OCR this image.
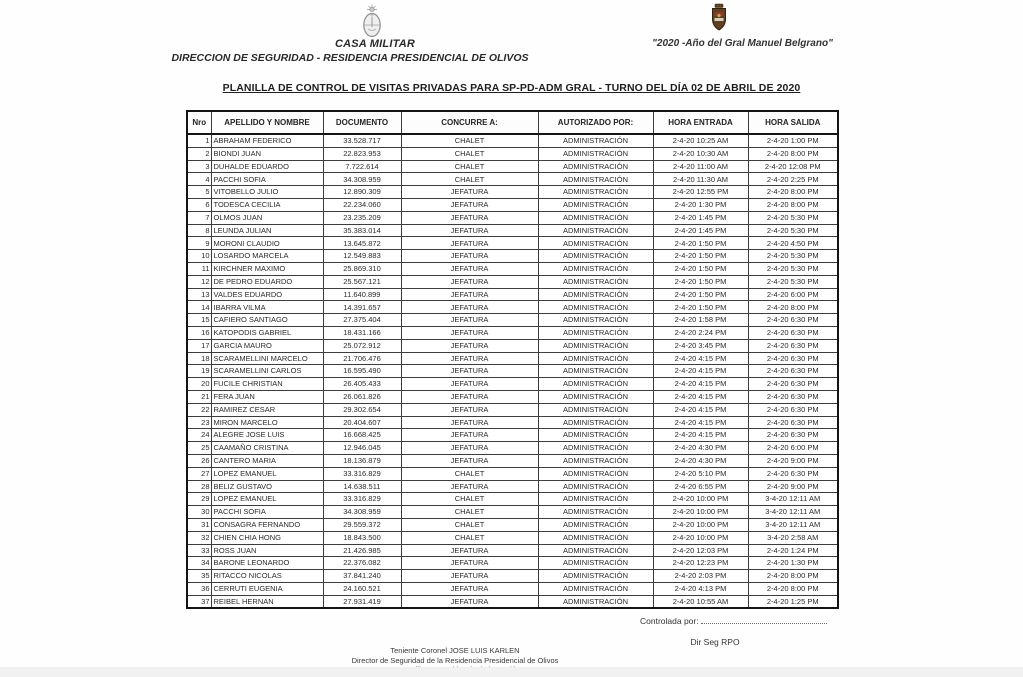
CASA MILITAR
DIRECCION DE SEGURIDAD - RESIDENCIA PRESIDENCIAL DE OLIVOS
"2020 -Año del Gral Manuel Belgrano"
PLANILLA DE CONTROL DE VISITAS PRIVADAS PARA SP-PD-ADM GRAL - TURNO DEL DÍA 02 DE ABRIL DE 2020
Nro	APELLIDO Y NOMBRE	DOCUMENTO	CONCURRE A:	AUTORIZADO POR:	HORA ENTRADA	HORA SALIDA
1	ABRAHAM FEDERICO	33.528.717	CHALET	ADMINISTRACIÓN	2-4-20 10:25 AM	2-4-20 1:00 PM
2	BIONDI JUAN	22.823.953	CHALET	ADMINISTRACIÓN	2-4-20 10:30 AM	2-4-20 8:00 PM
3	DUHALDE EDUARDO	7.722.614	CHALET	ADMINISTRACIÓN	2-4-20 11:00 AM	2-4-20 12:08 PM
4	PACCHI SOFIA	34.308.959	CHALET	ADMINISTRACIÓN	2-4-20 11:30 AM	2-4-20 2:25 PM
5	VITOBELLO JULIO	12.890.309	JEFATURA	ADMINISTRACIÓN	2-4-20 12:55 PM	2-4-20 8:00 PM
6	TODESCA CECILIA	22.234.060	JEFATURA	ADMINISTRACIÓN	2-4-20 1:30 PM	2-4-20 8:00 PM
7	OLMOS JUAN	23.235.209	JEFATURA	ADMINISTRACIÓN	2-4-20 1:45 PM	2-4-20 5:30 PM
8	LEUNDA JULIAN	35.383.014	JEFATURA	ADMINISTRACIÓN	2-4-20 1:45 PM	2-4-20 5:30 PM
9	MORONI CLAUDIO	13.645.872	JEFATURA	ADMINISTRACIÓN	2-4-20 1:50 PM	2-4-20 4:50 PM
10	LOSARDO MARCELA	12.549.883	JEFATURA	ADMINISTRACIÓN	2-4-20 1:50 PM	2-4-20 5:30 PM
11	KIRCHNER MAXIMO	25.869.310	JEFATURA	ADMINISTRACIÓN	2-4-20 1:50 PM	2-4-20 5:30 PM
12	DE PEDRO EDUARDO	25.567.121	JEFATURA	ADMINISTRACIÓN	2-4-20 1:50 PM	2-4-20 5:30 PM
13	VALDES EDUARDO	11.640.899	JEFATURA	ADMINISTRACIÓN	2-4-20 1:50 PM	2-4-20 6:00 PM
14	IBARRA VILMA	14.391.657	JEFATURA	ADMINISTRACIÓN	2-4-20 1:50 PM	2-4-20 8:00 PM
15	CAFIERO SANTIAGO	27.375.404	JEFATURA	ADMINISTRACIÓN	2-4-20 1:58 PM	2-4-20 6:30 PM
16	KATOPODIS GABRIEL	18.431.166	JEFATURA	ADMINISTRACIÓN	2-4-20 2:24 PM	2-4-20 6:30 PM
17	GARCIA MAURO	25.072.912	JEFATURA	ADMINISTRACIÓN	2-4-20 3:45 PM	2-4-20 6:30 PM
18	SCARAMELLINI MARCELO	21.706.476	JEFATURA	ADMINISTRACIÓN	2-4-20 4:15 PM	2-4-20 6:30 PM
19	SCARAMELLINI CARLOS	16.595.490	JEFATURA	ADMINISTRACIÓN	2-4-20 4:15 PM	2-4-20 6:30 PM
20	FUCILE CHRISTIAN	26.405.433	JEFATURA	ADMINISTRACIÓN	2-4-20 4:15 PM	2-4-20 6:30 PM
21	FERA JUAN	26.061.826	JEFATURA	ADMINISTRACIÓN	2-4-20 4:15 PM	2-4-20 6:30 PM
22	RAMIREZ CESAR	29.302.654	JEFATURA	ADMINISTRACIÓN	2-4-20 4:15 PM	2-4-20 6:30 PM
23	MIRON MARCELO	20.404.607	JEFATURA	ADMINISTRACIÓN	2-4-20 4:15 PM	2-4-20 6:30 PM
24	ALEGRE JOSE LUIS	16.668.425	JEFATURA	ADMINISTRACIÓN	2-4-20 4:15 PM	2-4-20 6:30 PM
25	CAAMAÑO CRISTINA	12.946.045	JEFATURA	ADMINISTRACIÓN	2-4-20 4:30 PM	2-4-20 6:00 PM
26	CANTERO MARIA	18.136.879	JEFATURA	ADMINISTRACIÓN	2-4-20 4:30 PM	2-4-20 9:00 PM
27	LOPEZ EMANUEL	33.316.829	CHALET	ADMINISTRACIÓN	2-4-20 5:10 PM	2-4-20 6:30 PM
28	BELIZ GUSTAVO	14.638.511	JEFATURA	ADMINISTRACIÓN	2-4-20 6:55 PM	2-4-20 9:00 PM
29	LOPEZ EMANUEL	33.316.829	CHALET	ADMINISTRACIÓN	2-4-20 10:00 PM	3-4-20 12:11 AM
30	PACCHI SOFIA	34.308.959	CHALET	ADMINISTRACIÓN	2-4-20 10:00 PM	3-4-20 12:11 AM
31	CONSAGRA FERNANDO	29.559.372	CHALET	ADMINISTRACIÓN	2-4-20 10:00 PM	3-4-20 12:11 AM
32	CHIEN CHIA HONG	18.843.500	CHALET	ADMINISTRACIÓN	2-4-20 10:00 PM	3-4-20 2:58 AM
33	ROSS JUAN	21.426.985	JEFATURA	ADMINISTRACIÓN	2-4-20 12:03 PM	2-4-20 1:24 PM
34	BARONE LEONARDO	22.376.082	JEFATURA	ADMINISTRACIÓN	2-4-20 12:23 PM	2-4-20 1:30 PM
35	RITACCO NICOLAS	37.841.240	JEFATURA	ADMINISTRACIÓN	2-4-20 2:03 PM	2-4-20 8:00 PM
36	CERRUTI EUGENIA	24.160.521	JEFATURA	ADMINISTRACIÓN	2-4-20 4:13 PM	2-4-20 8:00 PM
37	REIBEL HERNAN	27.931.419	JEFATURA	ADMINISTRACIÓN	2-4-20 10:55 AM	2-4-20 1:25 PM
Controlada por:
Dir Seg RPO
Teniente Coronel JOSE LUIS KARLEN
Director de Seguridad de la Residencia Presidencial de Olivos
